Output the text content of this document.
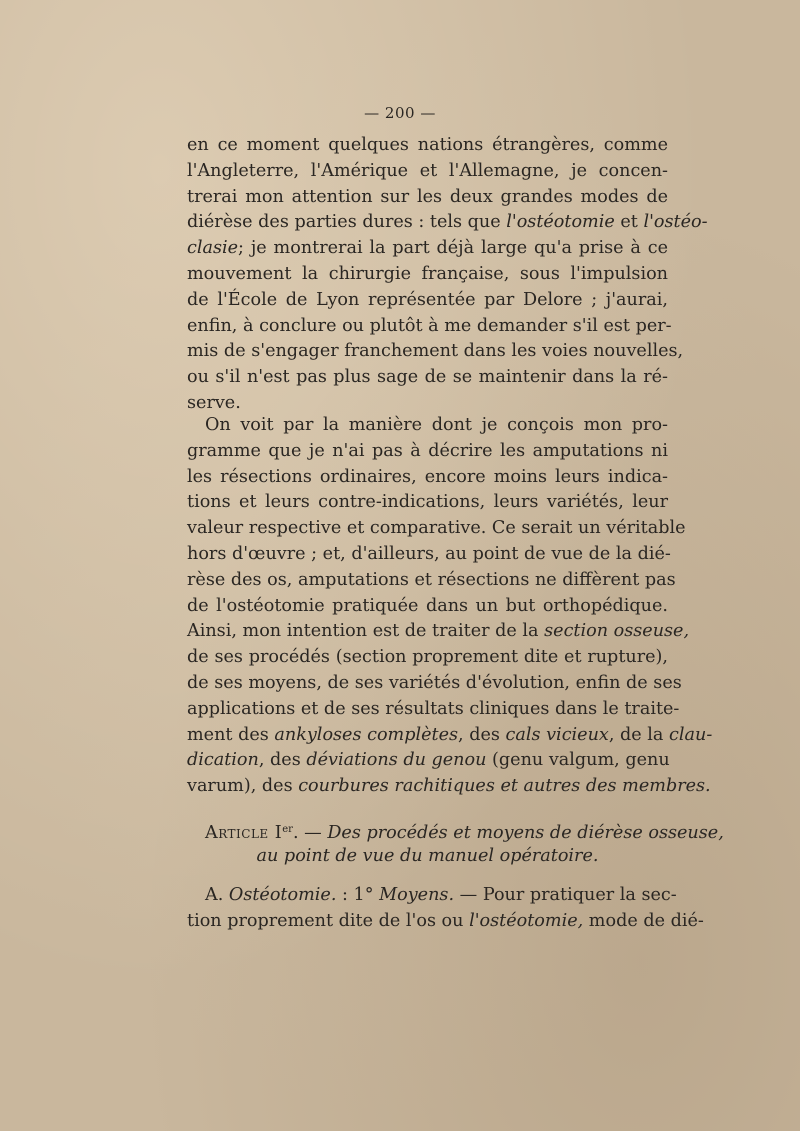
— 200 —
en ce moment quelques nations étrangères, comme
l'Angleterre, l'Amérique et l'Allemagne, je concen-
trerai mon attention sur les deux grandes modes de
diérèse des parties dures : tels que l'ostéotomie et l'ostéo-
clasie; je montrerai la part déjà large qu'a prise à ce
mouvement la chirurgie française, sous l'impulsion
de l'École de Lyon représentée par Delore ; j'aurai,
enfin, à conclure ou plutôt à me demander s'il est per-
mis de s'engager franchement dans les voies nouvelles,
ou s'il n'est pas plus sage de se maintenir dans la ré-
serve.
On voit par la manière dont je conçois mon pro-
gramme que je n'ai pas à décrire les amputations ni
les résections ordinaires, encore moins leurs indica-
tions et leurs contre-indications, leurs variétés, leur
valeur respective et comparative. Ce serait un véritable
hors d'œuvre ; et, d'ailleurs, au point de vue de la dié-
rèse des os, amputations et résections ne diffèrent pas
de l'ostéotomie pratiquée dans un but orthopédique.
Ainsi, mon intention est de traiter de la section osseuse,
de ses procédés (section proprement dite et rupture),
de ses moyens, de ses variétés d'évolution, enfin de ses
applications et de ses résultats cliniques dans le traite-
ment des ankyloses complètes, des cals vicieux, de la clau-
dication, des déviations du genou (genu valgum, genu
varum), des courbures rachitiques et autres des membres.
Article Ier. — Des procédés et moyens de diérèse osseuse,
au point de vue du manuel opératoire.
A. Ostéotomie. : 1° Moyens. — Pour pratiquer la sec-
tion proprement dite de l'os ou l'ostéotomie, mode de dié-
